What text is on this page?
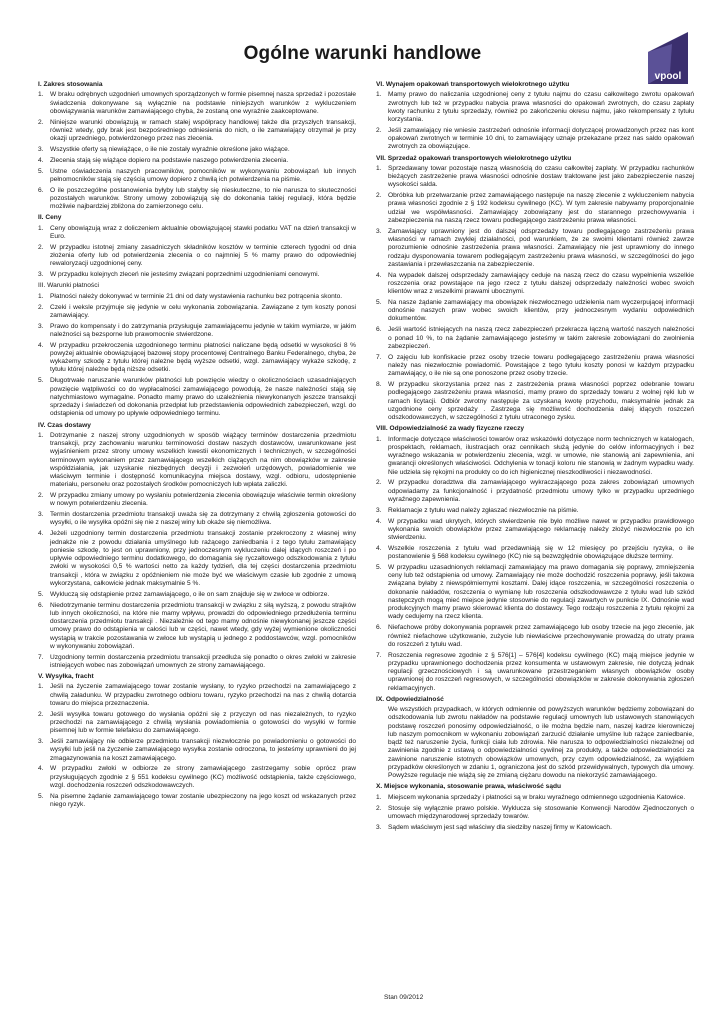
Ogólne warunki handlowe
vpool
I. Zakres stosowania
1. W braku odrębnych uzgodnień umownych sporządzonych w formie pisemnej nasza sprzedaż i pozostałe świadczenia dokonywane są wyłącznie na podstawie niniejszych warunków z wykluczeniem obowiązywania warunków zamawiającego chyba, że zostaną one wyraźnie zaakceptowane.
2. Niniejsze warunki obowiązują w ramach stałej współpracy handlowej także dla przyszłych transakcji, również wtedy, gdy brak jest bezpośredniego odniesienia do nich, o ile zamawiający otrzymał je przy okazji uprzedniego, potwierdzonego przez nas zlecenia.
3. Wszystkie oferty są niewiążące, o ile nie zostały wyraźnie określone jako wiążące.
4. Zlecenia stają się wiążące dopiero na podstawie naszego potwierdzenia zlecenia.
5. Ustne oświadczenia naszych pracowników, pomocników w wykonywaniu zobowiązań lub innych pełnomocników stają się częścią umowy dopiero z chwilą ich potwierdzenia na piśmie.
6. O ile poszczególne postanowienia byłyby lub stałyby się nieskuteczne, to nie narusza to skuteczności pozostałych warunków. Strony umowy zobowiązują się do dokonania takiej regulacji, która będzie możliwie najbardziej zbliżona do zamierzonego celu.
II. Ceny
1. Ceny obowiązują wraz z doliczeniem aktualnie obowiązującej stawki podatku VAT na dzień transakcji w Euro.
2. W przypadku istotnej zmiany zasadniczych składników kosztów w terminie czterech tygodni od dnia złożenia oferty lub od potwierdzenia zlecenia o co najmniej 5 % mamy prawo do odpowiedniej rewaloryzacji uzgodnionej ceny.
3. W przypadku kolejnych zleceń nie jesteśmy związani poprzednimi uzgodnieniami cenowymi.
III. Warunki płatności
1. Płatności należy dokonywać w terminie 21 dni od daty wystawienia rachunku bez potrącenia skonto.
2. Czeki i weksle przyjmuje się jedynie w celu wykonania zobowiązania. Zawiązane z tym koszty ponosi zamawiający.
3. Prawo do kompensaty i do zatrzymania przysługuje zamawiającemu jedynie w takim wymiarze, w jakim należności są bezsporne lub prawomocnie stwierdzone.
4. W przypadku przekroczenia uzgodnionego terminu płatności naliczane będą odsetki w wysokości 8 % powyżej aktualnie obowiązującej bazowej stopy procentowej Centralnego Banku Federalnego, chyba, że wykażemy szkodę z tytułu której należne będą wyższe odsetki, wzgl. zamawiający wykaże szkodę, z tytułu której należne będą niższe odsetki.
5. Długotrwałe naruszanie warunków płatności lub powzięcie wiedzy o okolicznościach uzasadniających powzięcie wątpliwości co do wypłacalności zamawiającego powodują, że nasze należności stają się natychmiastowo wymagalne. Ponadto mamy prawo do uzależnienia niewykonanych jeszcze transakcji sprzedaży i świadczeń od dokonania przedpłat lub przedstawienia odpowiednich zabezpieczeń, wzgl. do odstąpienia od umowy po upływie odpowiedniego terminu.
IV. Czas dostawy
1. Dotrzymanie z naszej strony uzgodnionych w sposób wiążący terminów dostarczenia przedmiotu transakcji, przy zachowaniu warunku terminowości dostaw naszych dostawców, uwarunkowane jest wyjaśnieniem przez strony umowy wszelkich kwestii ekonomicznych i technicznych, w szczególności terminowym wykonaniem przez zamawiającego wszelkich ciążących na nim obowiązków w zakresie współdziałania, jak uzyskanie niezbędnych decyzji i zezwoleń urzędowych, powiadomienie we właściwym terminie i dostępność komunikacyjna miejsca dostawy, wzgl. odbioru, udostępnienie materiału, personelu oraz pozostałych środków pomocniczych lub wpłata zaliczki.
2. W przypadku zmiany umowy po wysłaniu potwierdzenia zlecenia obowiązuje właściwie termin określony w nowym potwierdzeniu zlecenia.
3. Termin dostarczenia przedmiotu transakcji uważa się za dotrzymany z chwilą zgłoszenia gotowości do wysyłki, o ile wysyłka opóźni się nie z naszej winy lub okaże się niemożliwa.
4. Jeżeli uzgodniony termin dostarczenia przedmiotu transakcji zostanie przekroczony z własnej winy jednakże nie z powodu działania umyślnego lub rażącego zaniedbania i z tego tytułu zamawiający poniesie szkodę, to jest on uprawniony, przy jednoczesnym wykluczeniu dalej idących roszczeń i po upływie odpowiedniego terminu dodatkowego, do domagania się ryczałtowego odszkodowania z tytułu zwłoki w wysokości 0,5 % wartości netto za każdy tydzień, dla tej części dostarczenia przedmiotu transakcji , która w związku z opóźnieniem nie może być we właściwym czasie lub zgodnie z umową wykorzystana, całkowicie jednak maksymalnie 5 %.
5. Wykluczą się odstąpienie przez zamawiającego, o ile on sam znajduje się w zwłoce w odbiorze.
6. Niedotrzymanie terminu dostarczenia przedmiotu transakcji w związku z siłą wyższą, z powodu strajków lub innych okoliczności, na które nie mamy wpływu, prowadzi do odpowiedniego przedłużenia terminu dostarczenia przedmiotu transakcji . Niezależnie od tego mamy odnośnie niewykonanej jeszcze części umowy prawo do odstąpienia w całości lub w części, nawet wtedy, gdy wyżej wymienione okoliczności wystąpią w trakcie pozostawania w zwłoce lub wystąpią u jednego z poddostawców, wzgl. pomocników w wykonywaniu zobowiązań.
7. Uzgodniony termin dostarczenia przedmiotu transakcji przedłuża się ponadto o okres zwłoki w zakresie istniejących wobec nas zobowiązań umownych ze strony zamawiającego.
V. Wysyłka, fracht
1. Jeśli na życzenie zamawiającego towar zostanie wysłany, to ryzyko przechodzi na zamawiającego z chwilą załadunku. W przypadku zwrotnego odbioru towaru, ryzyko przechodzi na nas z chwilą dotarcia towaru do miejsca przeznaczenia.
2. Jeśli wysyłka towaru gotowego do wysłania opóźni się z przyczyn od nas niezależnych, to ryzyko przechodzi na zamawiającego z chwilą wysłania powiadomienia o gotowości do wysyłki w formie pisemnej lub w formie telefaksu do zamawiającego.
3. Jeśli zamawiający nie odbierze przedmiotu transakcji niezwłocznie po powiadomieniu o gotowości do wysyłki lub jeśli na życzenie zamawiającego wysyłka zostanie odroczona, to jesteśmy uprawnieni do jej zmagazynowania na koszt zamawiającego.
4. W przypadku zwłoki w odbiorze ze strony zamawiającego zastrzegamy sobie oprócz praw przysługujących zgodnie z § 551 kodeksu cywilnego (KC) możliwość odstąpienia, także częściowego, wzgl. dochodzenia roszczeń odszkodowawczych.
5. Na pisemne żądanie zamawiającego towar zostanie ubezpieczony na jego koszt od wskazanych przez niego ryzyk.
VI. Wynajem opakowań transportowych wielokrotnego użytku
1. Mamy prawo do naliczania uzgodnionej ceny z tytułu najmu do czasu całkowitego zwrotu opakowań zwrotnych lub też w przypadku nabycia prawa własności do opakowań zwrotnych, do czasu zapłaty kwoty rachunku z tytułu sprzedaży, również po zakończeniu okresu najmu, jako rekompensaty z tytułu korzystania.
2. Jeśli zamawiający nie wniesie zastrzeżeń odnośnie informacji dotyczącej prowadzonych przez nas kont opakowań zwrotnych w terminie 10 dni, to zamawiający uznaje przekazane przez nas saldo opakowań zwrotnych za obowiązujące.
VII. Sprzedaż opakowań transportowych wielokrotnego użytku
1. Sprzedawany towar pozostaje naszą własnością do czasu całkowitej zapłaty. W przypadku rachunków bieżących zastrzeżenie prawa własności odnośnie dostaw traktowane jest jako zabezpieczenie naszej wysokości salda.
2. Obróbka lub przetwarzanie przez zamawiającego następuje na naszę zlecenie z wykluczeniem nabycia prawa własności zgodnie z § 192 kodeksu cywilnego (KC). W tym zakresie nabywamy proporcjonalnie udział we współwłasności. Zamawiający zobowiązany jest do starannego przechowywania i zabezpieczenia na naszą rzecz towaru podlegającego zastrzeżeniu prawa własności.
3. Zamawiający uprawniony jest do dalszej odsprzedaży towaru podlegającego zastrzeżeniu prawa własności w ramach zwykłej działalności, pod warunkiem, że ze swoimi klientami również zawrze porozumienie odnośnie zastrzeżenia prawa własności. Zamawiający nie jest uprawniony do innego rodzaju dysponowania towarem podlegającym zastrzeżeniu prawa własności, w szczególności do jego zastawiania i przewłaszczania na zabezpieczenie.
4. Na wypadek dalszej odsprzedaży zamawiający ceduje na naszą rzecz do czasu wypełnienia wszelkie roszczenia oraz powstające na jego rzecz z tytułu dalszej odsprzedaży należności wobec swoich klientów wraz z wszelkimi prawami ubocznymi.
5. Na nasze żądanie zamawiający ma obowiązek niezwłocznego udzielenia nam wyczerpującej informacji odnośnie naszych praw wobec swoich klientów, przy jednoczesnym wydaniu odpowiednich dokumentów.
6. Jeśli wartość istniejących na naszą rzecz zabezpieczeń przekracza łączną wartość naszych należności o ponad 10 %, to na żądanie zamawiającego jesteśmy w takim zakresie zobowiązani do zwolnienia zabezpieczeń.
7. O zajęciu lub konfiskacie przez osoby trzecie towaru podlegającego zastrzeżeniu prawa własności należy nas niezwłocznie powiadomić. Powstające z tego tytułu koszty ponosi w każdym przypadku zamawiający, o ile nie są one ponoszone przez osoby trzecie.
8. W przypadku skorzystania przez nas z zastrzeżenia prawa własności poprzez odebranie towaru podlegającego zastrzeżeniu prawa własności, mamy prawo do sprzedaży towaru z wolnej ręki lub w ramach licytacji. Odbiór zwrotny następuje za uzyskaną kwotę przychodu, maksymalnie jednak za uzgodnione ceny sprzedaży . Zastrzega się możliwość dochodzenia dalej idących roszczeń odszkodowawczych, w szczególności z tytułu utraconego zysku.
VIII. Odpowiedzialność za wady fizyczne rzeczy
1. Informacje dotyczące właściwości towarów oraz wskazówki dotyczące norm technicznych w katalogach, prospektach, reklamach, ilustracjach oraz cennikach służą jedynie do celów informacyjnych i bez wyraźnego wskazania w potwierdzeniu zlecenia, wzgl. w umowie, nie stanowią ani zapewnienia, ani gwarancji określonych właściwości. Odchylenia w tonacji koloru nie stanowią w żadnym wypadku wady. Nie udziela się rękojmi na produkty co do ich higienicznej nieszkodliwości i niezawodności.
2. W przypadku doradztwa dla zamawiającego wykraczającego poza zakres zobowiązań umownych odpowiadamy za funkcjonalność i przydatność przedmiotu umowy tylko w przypadku uprzedniego wyraźnego zapewnienia.
3. Reklamacje z tytułu wad należy zgłaszać niezwłocznie na piśmie.
4. W przypadku wad ukrytych, których stwierdzenie nie było możliwe nawet w przypadku prawidłowego wykonania swoich obowiązków przez zamawiającego reklamację należy złożyć niezwłocznie po ich stwierdzeniu.
4. Wszelkie roszczenia z tytułu wad przedawniają się w 12 miesięcy po przejściu ryzyka, o ile postanowienie § 568 kodeksu cywilnego (KC) nie są bezwzględnie obowiązujące dłuższe terminy.
5. W przypadku uzasadnionych reklamacji zamawiający ma prawo domagania się poprawy, zmniejszenia ceny lub też odstąpienia od umowy. Zamawiający nie może dochodzić roszczenia poprawy, jeśli takowa związana byłaby z niewspółmiernymi kosztami. Dalej idące roszczenia, w szczególności roszczenia o dokonanie nakładów, roszczenia o wymianę lub roszczenia odszkodowawcze z tytułu wad lub szkód następczych mogą mieć miejsce jedynie stosownie do regulacji zawartych w punkcie IX. Odnośnie wad produkcyjnych mamy prawo skierować klienta do dostawcy. Tego rodzaju roszczenia z tytułu rękojmi za wady cedujemy na rzecz klienta.
6. Niefachowe próby dokonywania poprawek przez zamawiającego lub osoby trzecie na jego zlecenie, jak również niefachowe użytkowanie, zużycie lub niewłaściwe przechowywanie prowadzą do utraty prawa do roszczeń z tytułu wad.
7. Roszczenia regresowe zgodnie z § 576[1] – 576[4] kodeksu cywilnego (KC) mają miejsce jedynie w przypadku uprawnionego dochodzenia przez konsumenta w ustawowym zakresie, nie dotyczą jednak regulacji grzecznościowych i są uwarunkowane przestrzeganiem własnych obowiązków osoby uprawnionej do roszczeń regresowych, w szczególności obowiązków w zakresie dokonywania zgłoszeń reklamacyjnych.
IX. Odpowiedzialność
We wszystkich przypadkach, w których odmiennie od powyższych warunków będziemy zobowiązani do odszkodowania lub zwrotu nakładów na podstawie regulacji umownych lub ustawowych stanowiących podstawę roszczeń ponosimy odpowiedzialność, o ile można będzie nam, naszej kadrze kierowniczej lub naszym pomocnikom w wykonaniu zobowiązań zarzucić działanie umyślne lub rażące zaniedbanie, bądź też naruszenie życia, funkcji ciała lub zdrowia. Nie narusza to odpowiedzialności niezależnej od zawinienia zgodnie z ustawą o odpowiedzialności cywilnej za produkty, a także odpowiedzialności za zawinione naruszenie istotnych obowiązków umownych, przy czym odpowiedzialność, za wyjątkiem przypadków określonych w zdaniu 1, ograniczona jest do szkód przewidywalnych, typowych dla umowy. Powyższe regulacje nie wiążą się ze zmianą ciężaru dowodu na niekorzyść zamawiającego.
X. Miejsce wykonania, stosowanie prawa, właściwość sądu
1. Miejscem wykonania sprzedaży i płatności są w braku wyraźnego odmiennego uzgodnienia Katowice.
2. Stosuje się wyłącznie prawo polskie. Wyklucza się stosowanie Konwencji Narodów Zjednoczonych o umowach międzynarodowej sprzedaży towarów.
3. Sądem właściwym jest sąd właściwy dla siedziby naszej firmy w Katowicach.
Stan 09/2012
